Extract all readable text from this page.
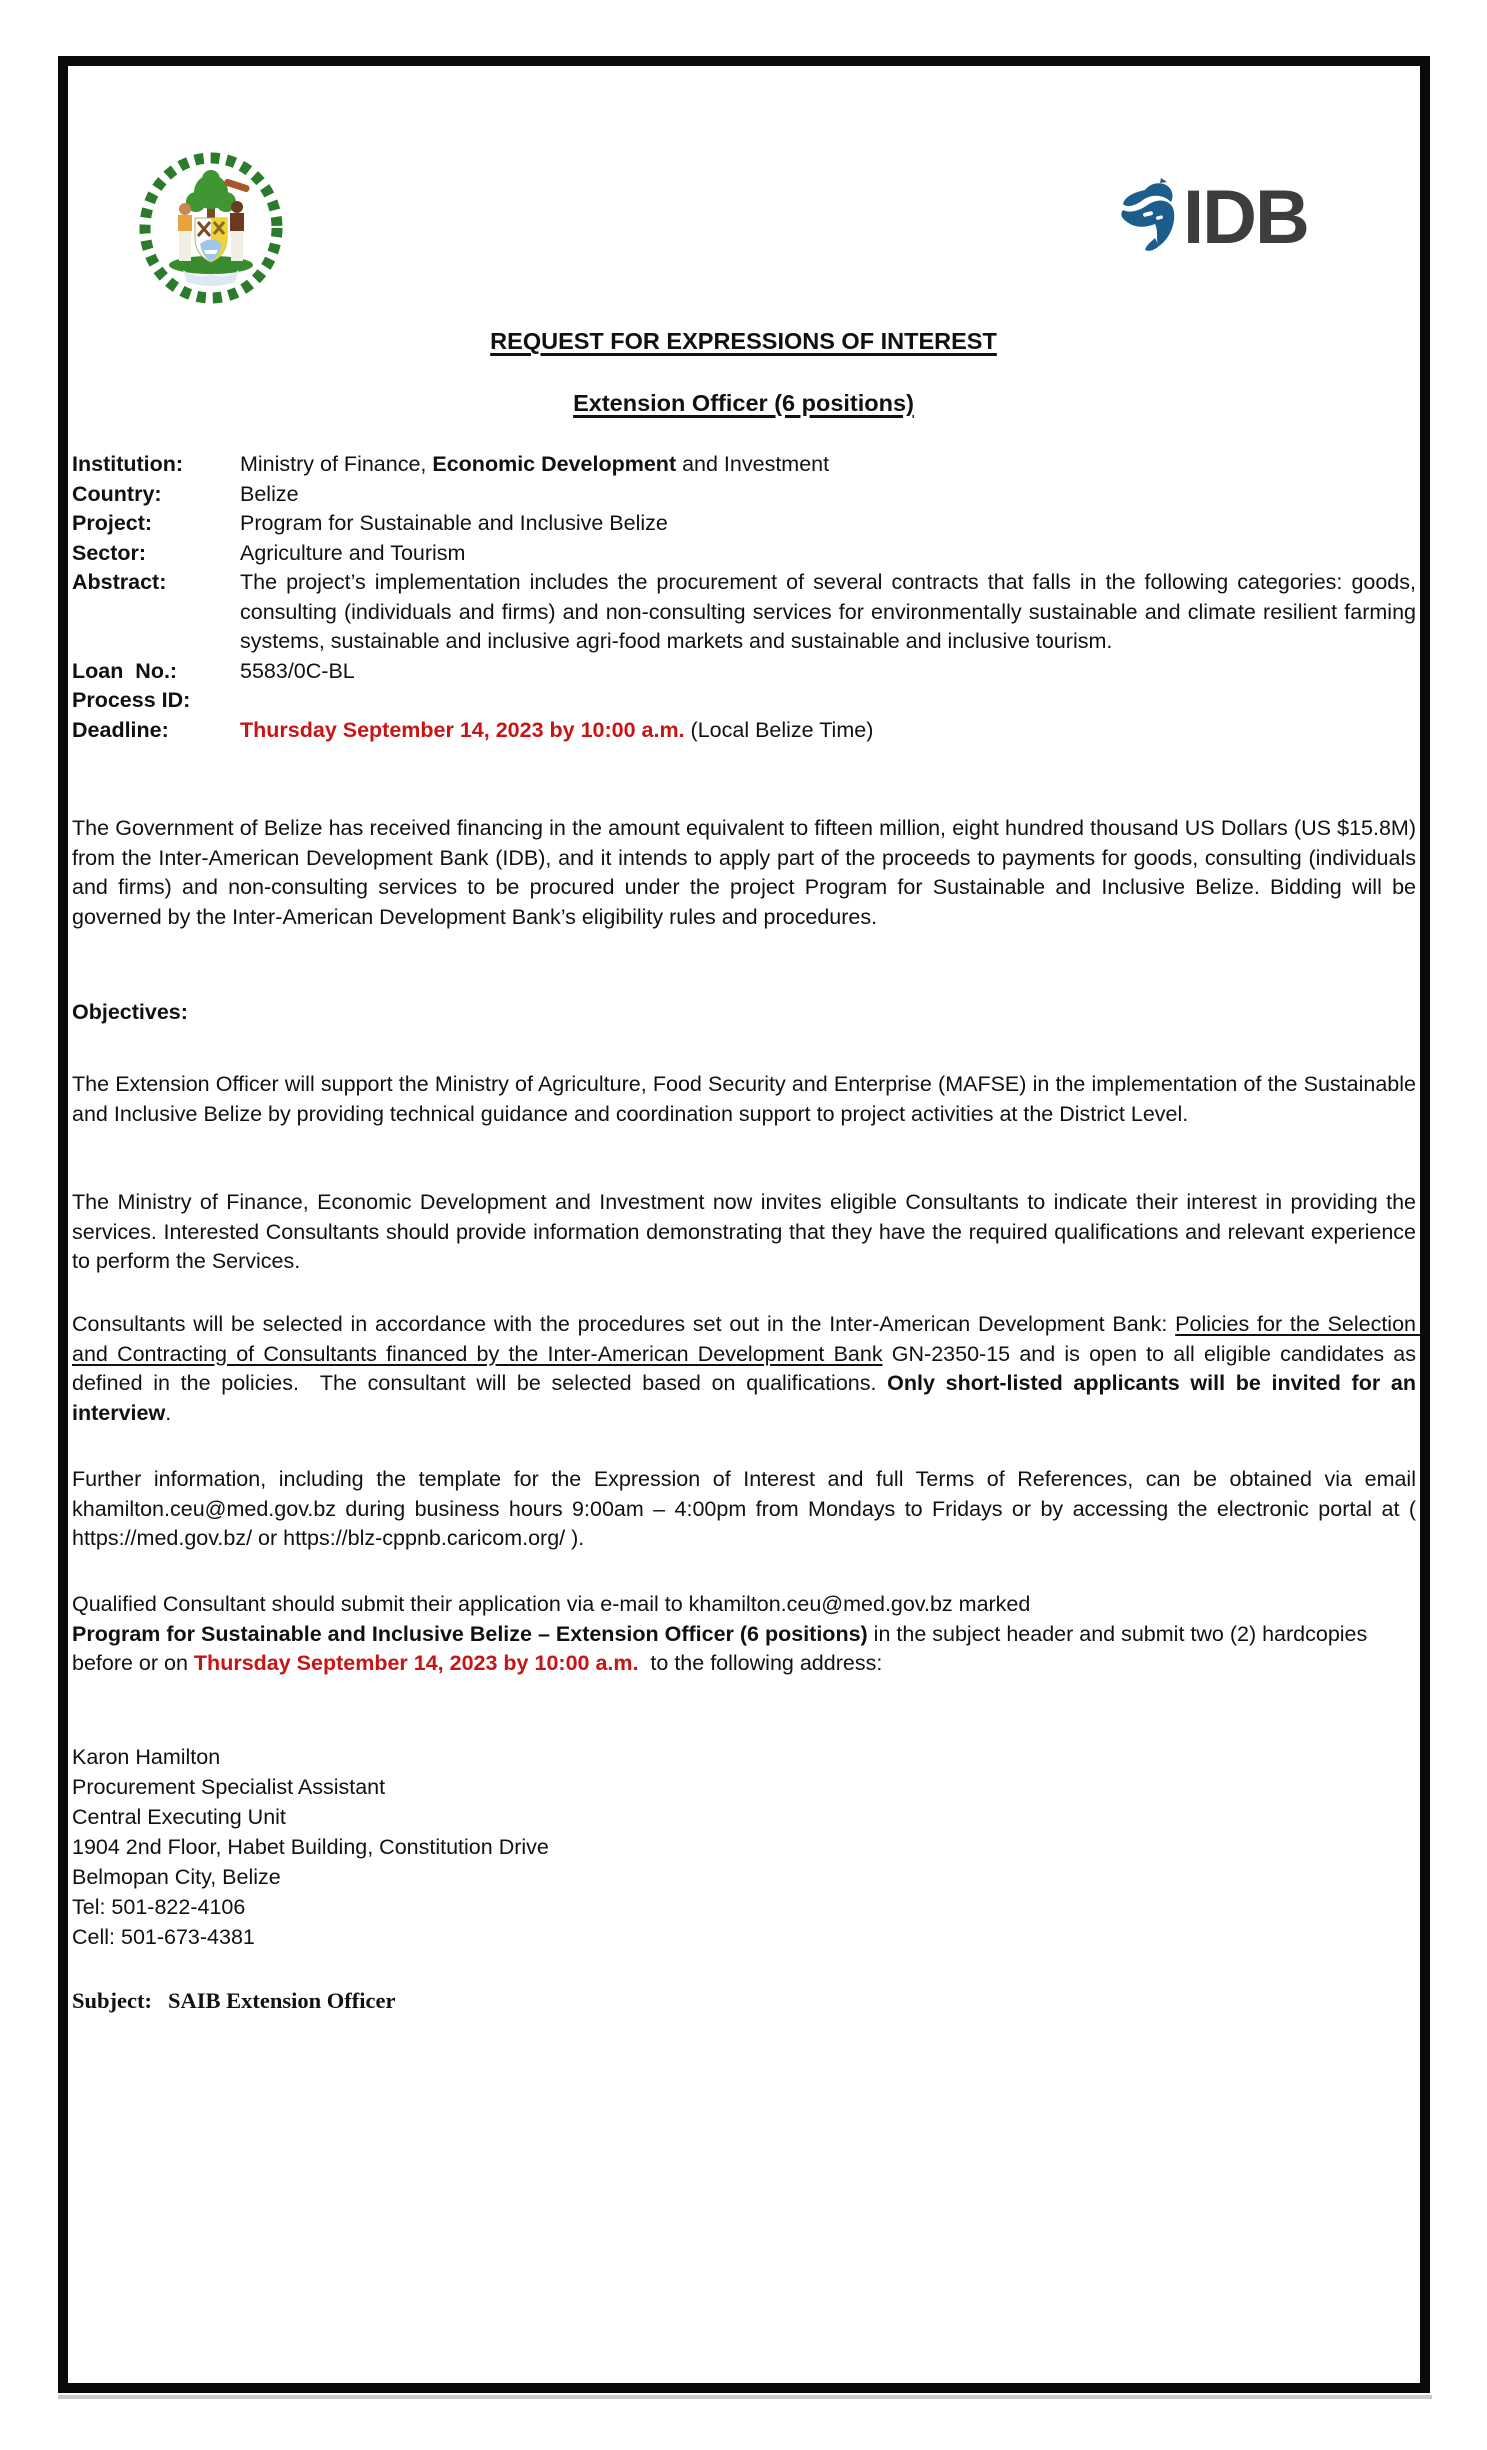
IDB
REQUEST FOR EXPRESSIONS OF INTEREST
Extension Officer (6 positions)
Institution:	Ministry of Finance, Economic Development and Investment
Country:	Belize
Project:	Program for Sustainable and Inclusive Belize
Sector:	Agriculture and Tourism
Abstract:	The project’s implementation includes the procurement of several contracts that falls in the following categories: goods, consulting (individuals and firms) and non-consulting services for environmentally sustainable and climate resilient farming systems, sustainable and inclusive agri-food markets and sustainable and inclusive tourism.
Loan  No.:	5583/0C-BL
Process ID:
Deadline:	Thursday September 14, 2023 by 10:00 a.m. (Local Belize Time)

The Government of Belize has received financing in the amount equivalent to fifteen million, eight hundred thousand US Dollars (US $15.8M) from the Inter-American Development Bank (IDB), and it intends to apply part of the proceeds to payments for goods, consulting (individuals and firms) and non-consulting services to be procured under the project Program for Sustainable and Inclusive Belize. Bidding will be governed by the Inter-American Development Bank’s eligibility rules and procedures.

Objectives:

The Extension Officer will support the Ministry of Agriculture, Food Security and Enterprise (MAFSE) in the implementation of the Sustainable and Inclusive Belize by providing technical guidance and coordination support to project activities at the District Level.

The Ministry of Finance, Economic Development and Investment now invites eligible Consultants to indicate their interest in providing the services. Interested Consultants should provide information demonstrating that they have the required qualifications and relevant experience to perform the Services.

Consultants will be selected in accordance with the procedures set out in the Inter-American Development Bank: Policies for the Selection and Contracting of Consultants financed by the Inter-American Development Bank GN-2350-15 and is open to all eligible candidates as defined in the policies.  The consultant will be selected based on qualifications. Only short-listed applicants will be invited for an interview.

Further information, including the template for the Expression of Interest and full Terms of References, can be obtained via email khamilton.ceu@med.gov.bz during business hours 9:00am – 4:00pm from Mondays to Fridays or by accessing the electronic portal at ( https://med.gov.bz/ or https://blz-cppnb.caricom.org/ ).

Qualified Consultant should submit their application via e-mail to khamilton.ceu@med.gov.bz marked
Program for Sustainable and Inclusive Belize – Extension Officer (6 positions) in the subject header and submit two (2) hardcopies before or on Thursday September 14, 2023 by 10:00 a.m.  to the following address:

Karon Hamilton
Procurement Specialist Assistant
Central Executing Unit
1904 2nd Floor, Habet Building, Constitution Drive
Belmopan City, Belize
Tel: 501-822-4106
Cell: 501-673-4381
Subject: SAIB Extension Officer
